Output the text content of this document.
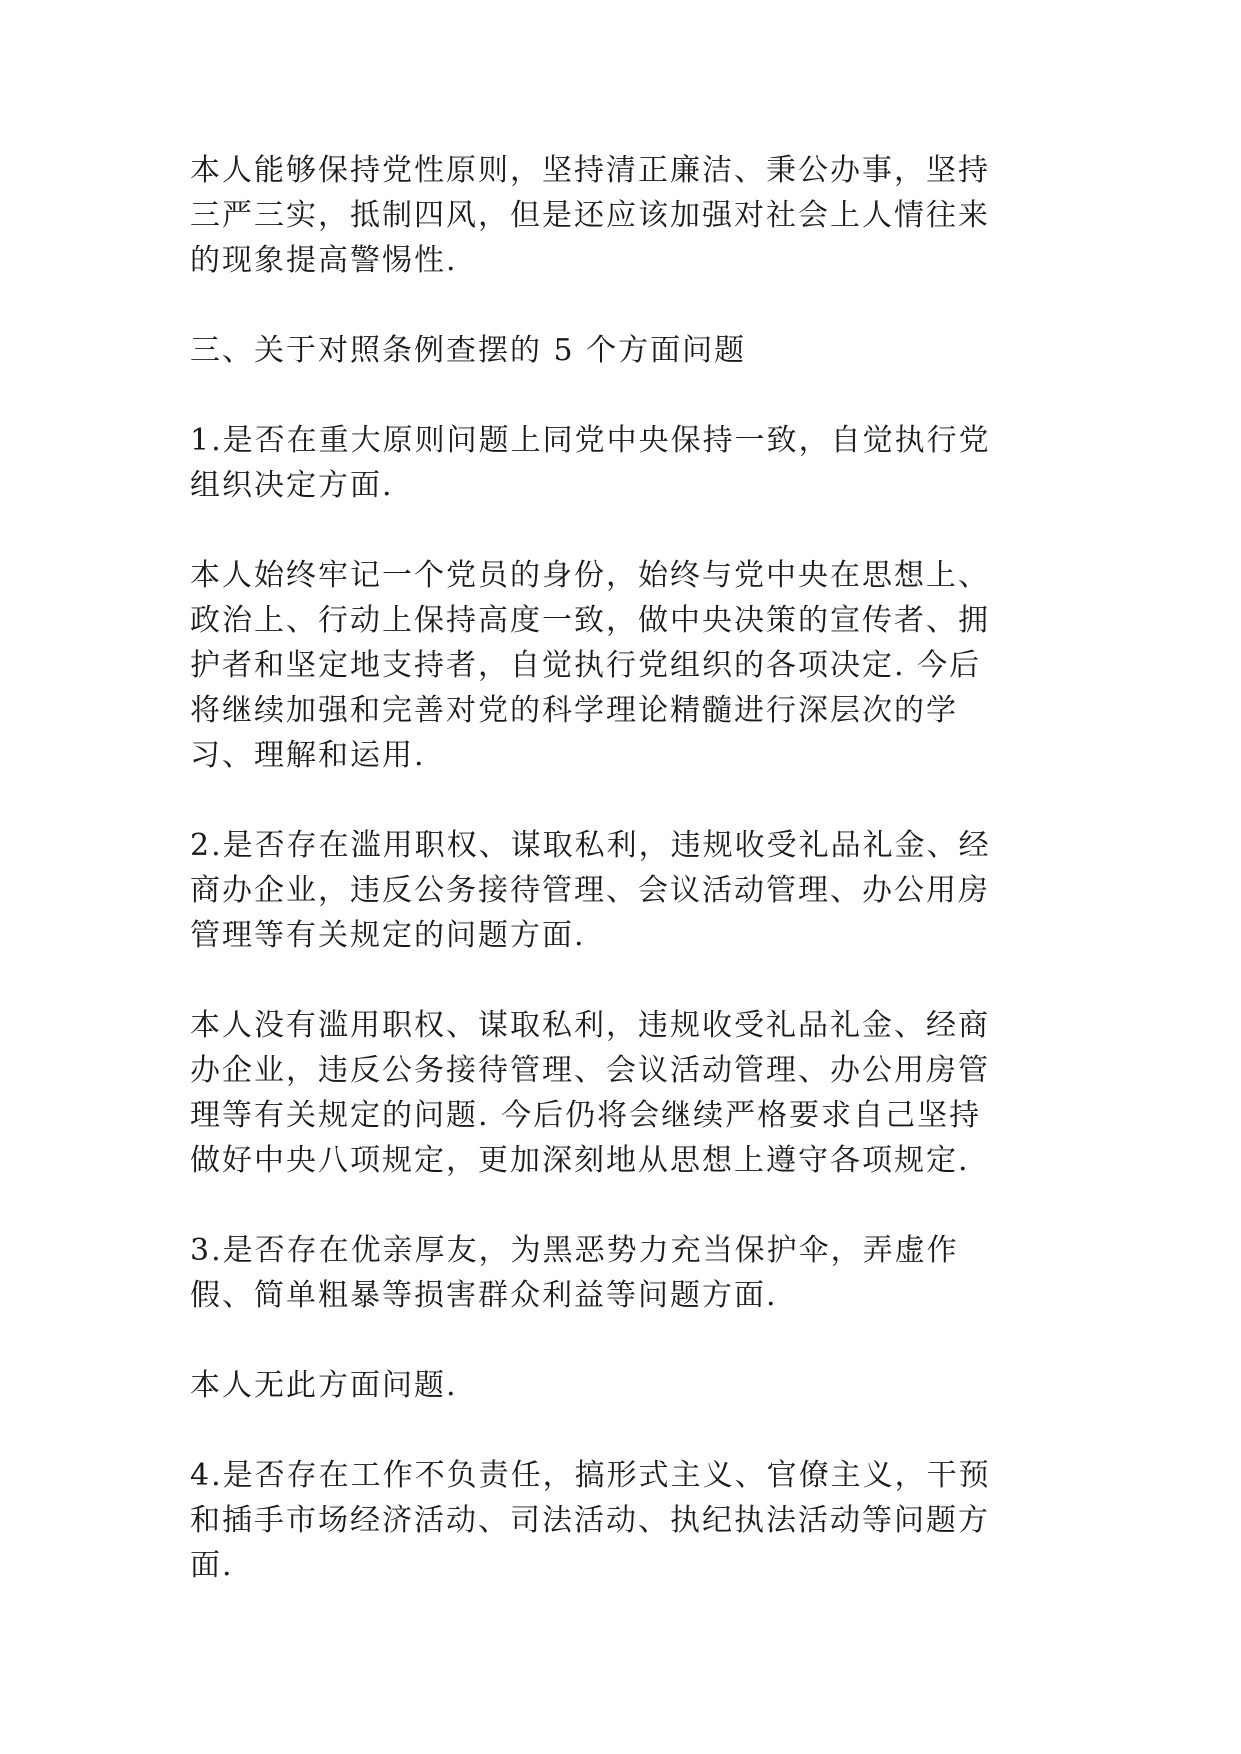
本人能够保持党性原则，坚持清正廉洁、秉公办事，坚持
三严三实，抵制四风，但是还应该加强对社会上人情往来
的现象提高警惕性.

三、关于对照条例查摆的 5 个方面问题

1.是否在重大原则问题上同党中央保持一致，自觉执行党
组织决定方面.

本人始终牢记一个党员的身份，始终与党中央在思想上、
政治上、行动上保持高度一致，做中央决策的宣传者、拥
护者和坚定地支持者，自觉执行党组织的各项决定. 今后
将继续加强和完善对党的科学理论精髓进行深层次的学
习、理解和运用.

2.是否存在滥用职权、谋取私利，违规收受礼品礼金、经
商办企业，违反公务接待管理、会议活动管理、办公用房
管理等有关规定的问题方面.

本人没有滥用职权、谋取私利，违规收受礼品礼金、经商
办企业，违反公务接待管理、会议活动管理、办公用房管
理等有关规定的问题. 今后仍将会继续严格要求自己坚持
做好中央八项规定，更加深刻地从思想上遵守各项规定.

3.是否存在优亲厚友，为黑恶势力充当保护伞，弄虚作
假、简单粗暴等损害群众利益等问题方面.

本人无此方面问题.

4.是否存在工作不负责任，搞形式主义、官僚主义，干预
和插手市场经济活动、司法活动、执纪执法活动等问题方
面.
